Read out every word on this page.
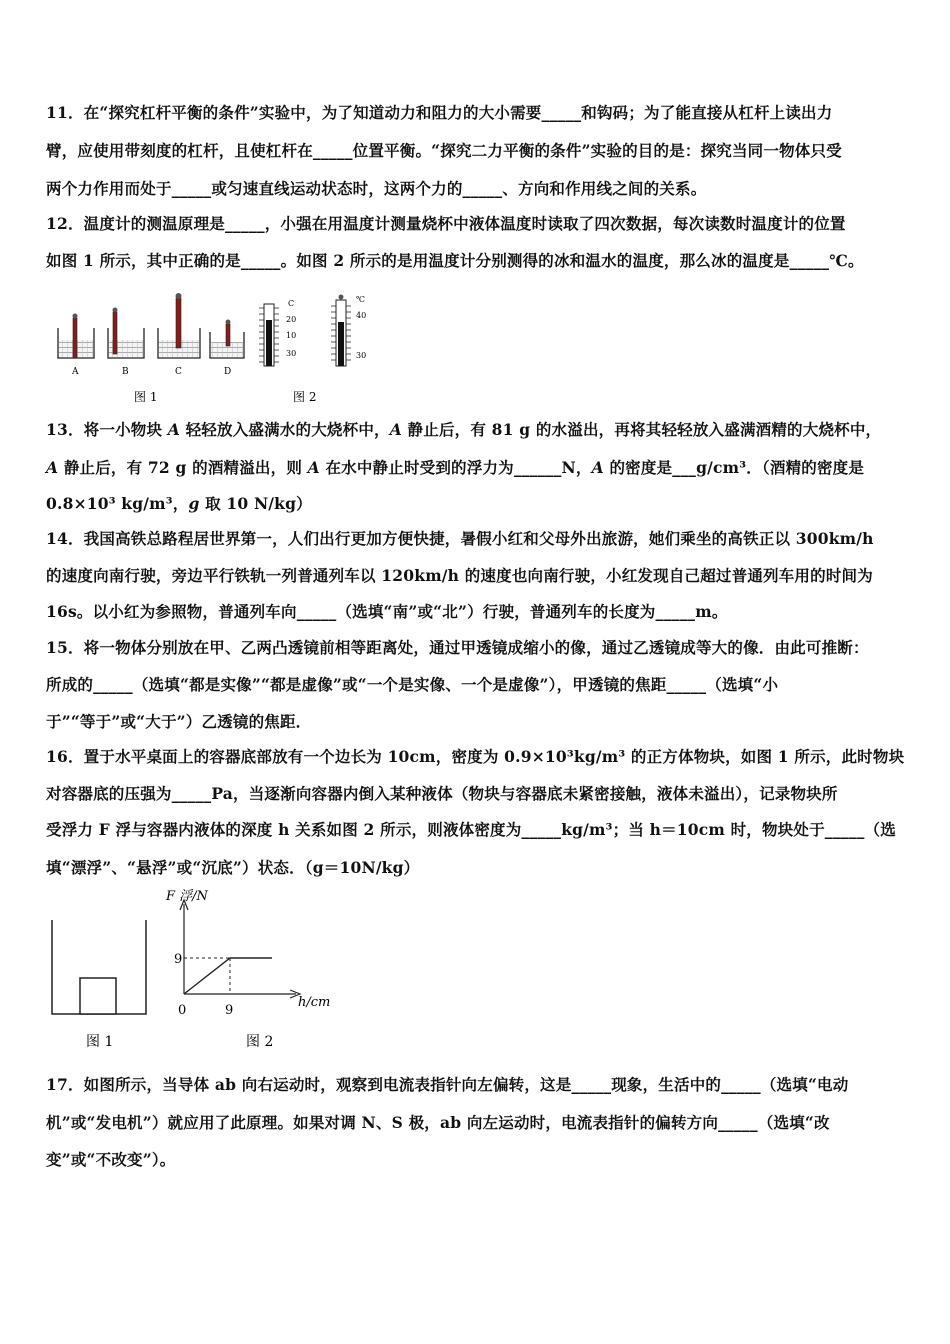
11．在“探究杠杆平衡的条件”实验中，为了知道动力和阻力的大小需要_____和钩码；为了能直接从杠杆上读出力
臂，应使用带刻度的杠杆，且使杠杆在_____位置平衡。“探究二力平衡的条件”实验的目的是：探究当同一物体只受
两个力作用而处于_____或匀速直线运动状态时，这两个力的_____、方向和作用线之间的关系。
12．温度计的测温原理是_____，小强在用温度计测量烧杯中液体温度时读取了四次数据，每次读数时温度计的位置
如图 1 所示，其中正确的是_____。如图 2 所示的是用温度计分别测得的冰和温水的温度，那么冰的温度是_____℃。
A	B	C	D
图 1
C
20
10
30
℃
40
30
图 2
13．将一小物块 A 轻轻放入盛满水的大烧杯中，A 静止后，有 81 g 的水溢出，再将其轻轻放入盛满酒精的大烧杯中，
A 静止后，有 72 g 的酒精溢出，则 A 在水中静止时受到的浮力为______N，A 的密度是___g/cm³．（酒精的密度是
0.8×10³ kg/m³，g 取 10 N/kg）
14．我国高铁总路程居世界第一，人们出行更加方便快捷，暑假小红和父母外出旅游，她们乘坐的高铁正以 300km/h
的速度向南行驶，旁边平行铁轨一列普通列车以 120km/h 的速度也向南行驶，小红发现自己超过普通列车用的时间为
16s。以小红为参照物，普通列车向_____（选填“南”或“北”）行驶，普通列车的长度为_____m。
15．将一物体分别放在甲、乙两凸透镜前相等距离处，通过甲透镜成缩小的像，通过乙透镜成等大的像．由此可推断：
所成的_____（选填“都是实像”“都是虚像”或“一个是实像、一个是虚像”），甲透镜的焦距_____（选填“小
于”“等于”或“大于”）乙透镜的焦距．
16．置于水平桌面上的容器底部放有一个边长为 10cm，密度为 0.9×10³kg/m³ 的正方体物块，如图 1 所示，此时物块
对容器底的压强为_____Pa，当逐渐向容器内倒入某种液体（物块与容器底未紧密接触，液体未溢出），记录物块所
受浮力 F 浮与容器内液体的深度 h 关系如图 2 所示，则液体密度为_____kg/m³；当 h＝10cm 时，物块处于_____（选
填“漂浮”、“悬浮”或“沉底”）状态．（g＝10N/kg）
图 1
F 浮/N
9
h/cm
0	9
图 2
17．如图所示，当导体 ab 向右运动时，观察到电流表指针向左偏转，这是_____现象，生活中的_____（选填“电动
机”或“发电机”）就应用了此原理。如果对调 N、S 极，ab 向左运动时，电流表指针的偏转方向_____（选填“改
变”或“不改变”）。
